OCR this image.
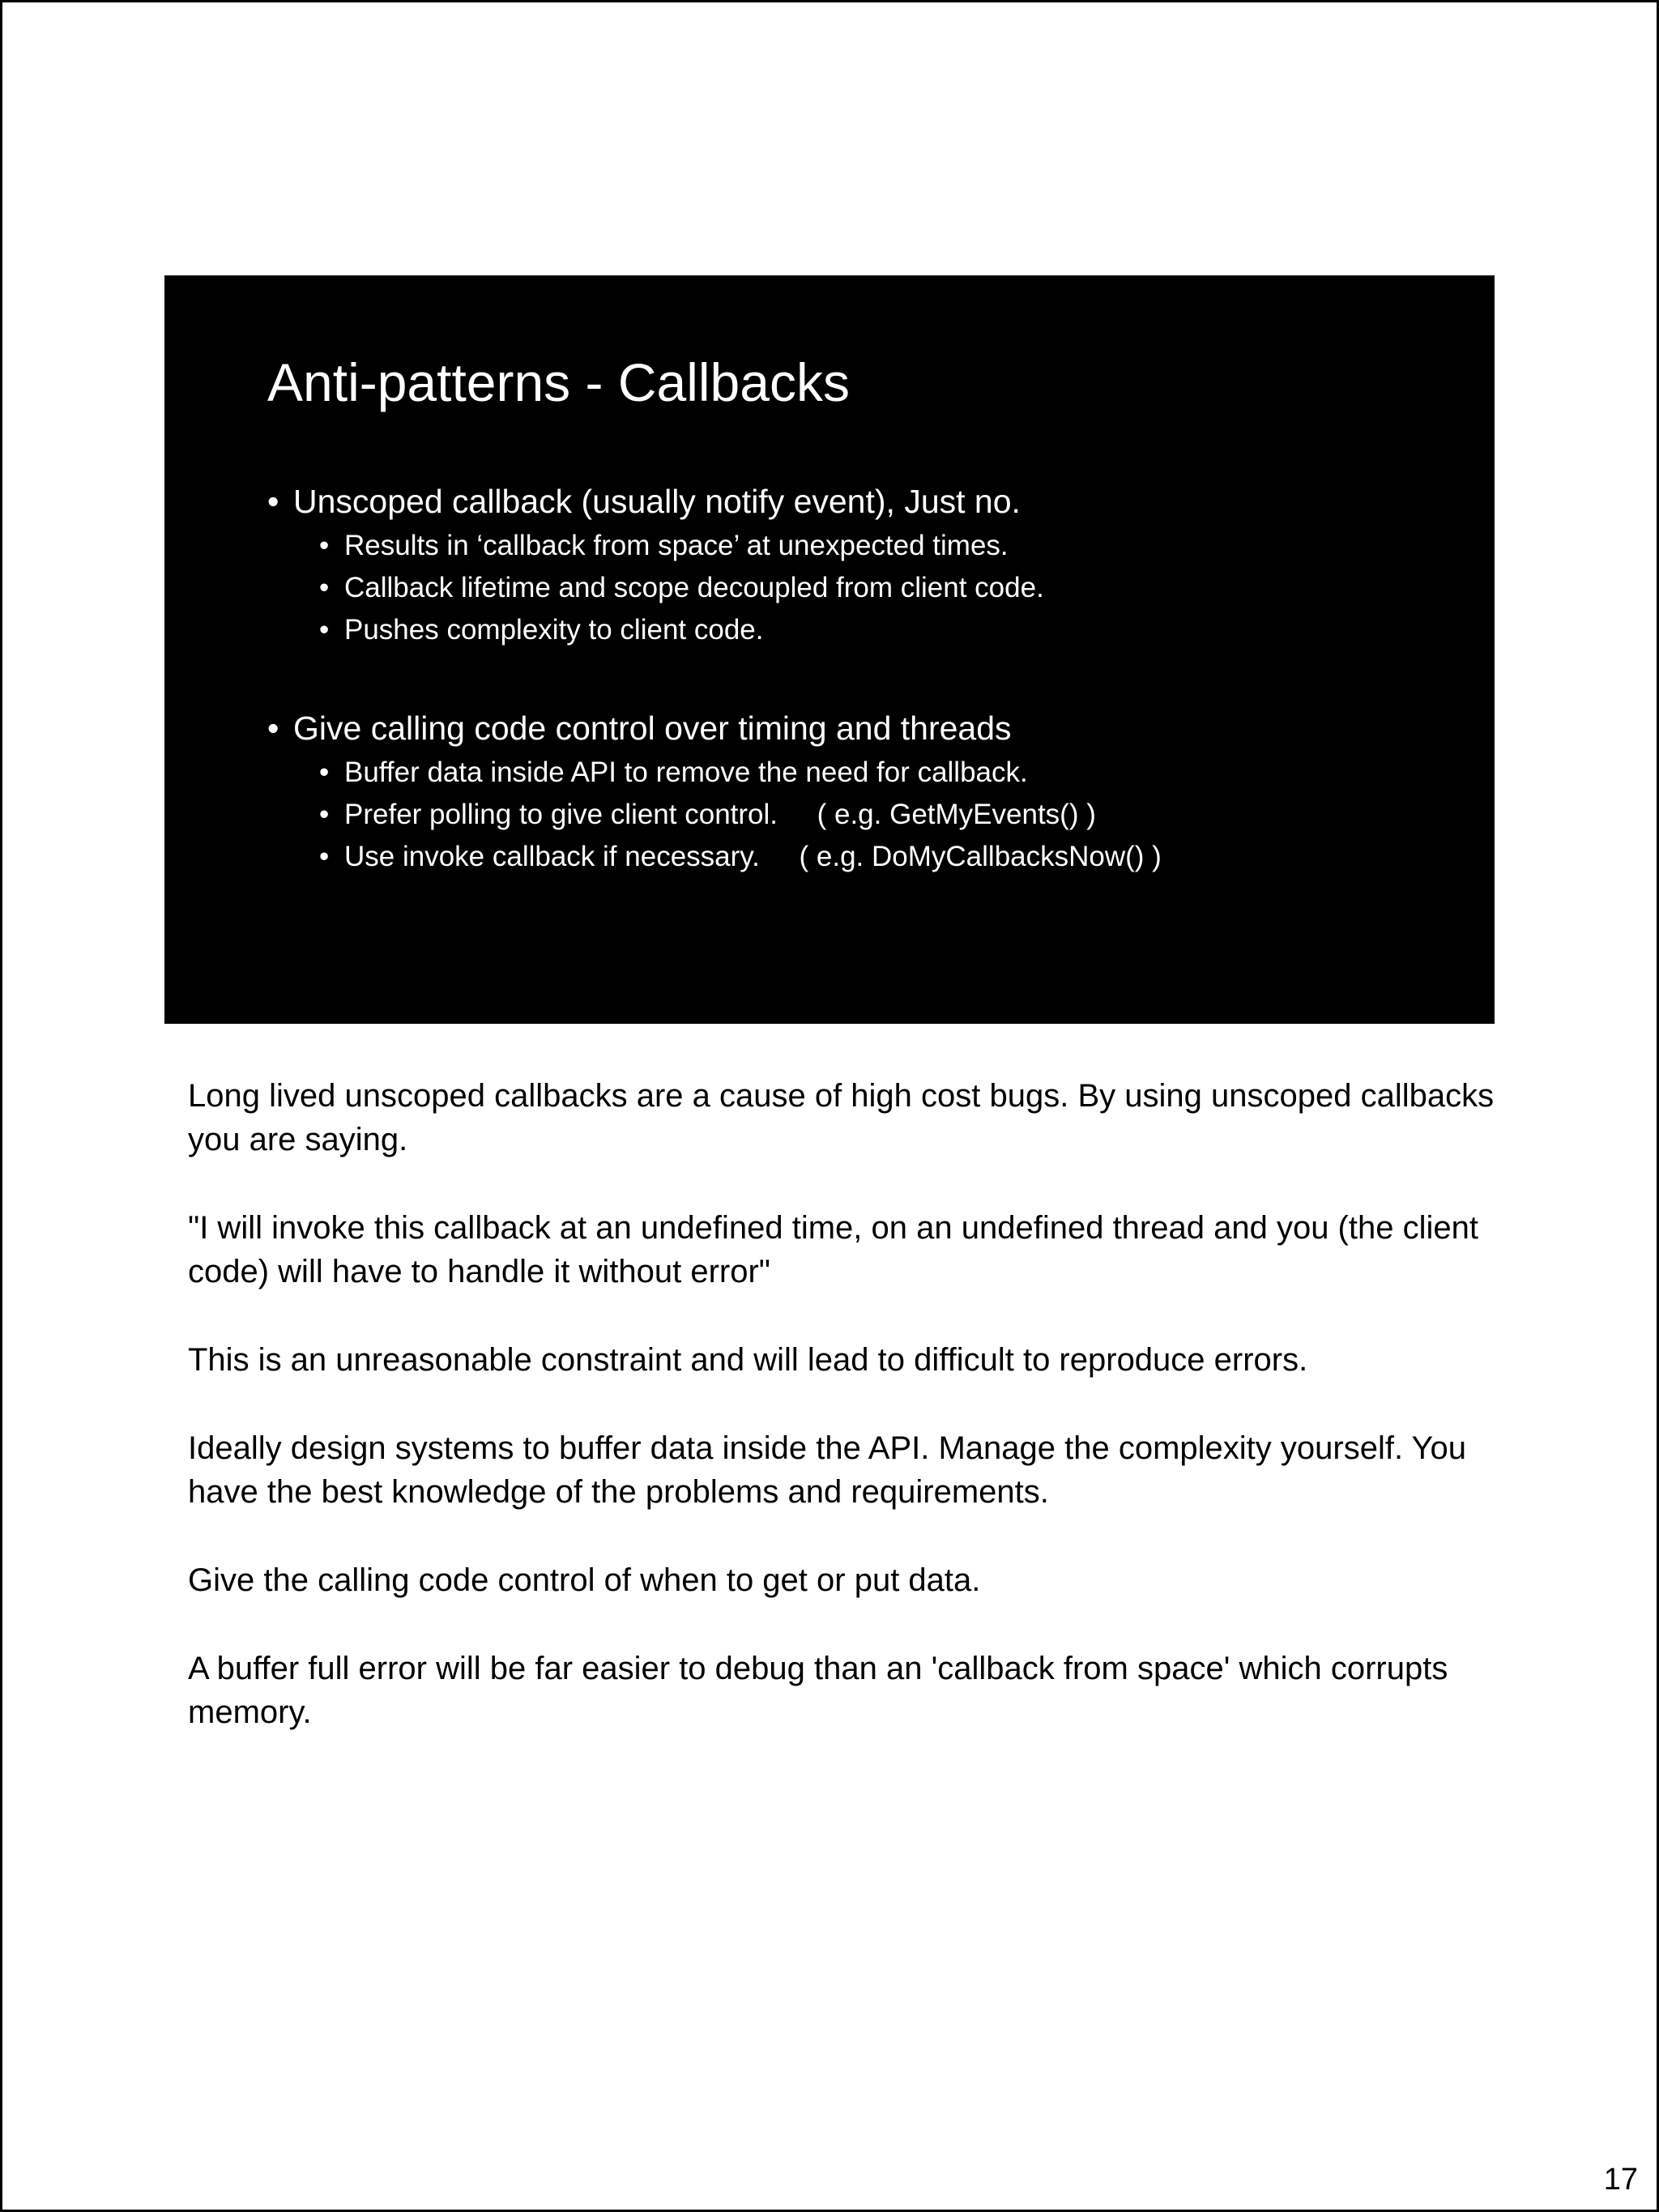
Anti-patterns - Callbacks
• Unscoped callback (usually notify event), Just no.
• Results in ‘callback from space’ at unexpected times.
• Callback lifetime and scope decoupled from client code.
• Pushes complexity to client code.
• Give calling code control over timing and threads
• Buffer data inside API to remove the need for callback.
• Prefer polling to give client control.     ( e.g. GetMyEvents() )
• Use invoke callback if necessary.     ( e.g. DoMyCallbacksNow() )

Long lived unscoped callbacks are a cause of high cost bugs. By using unscoped callbacks you are saying.

"I will invoke this callback at an undefined time, on an undefined thread and you (the client code) will have to handle it without error"

This is an unreasonable constraint and will lead to difficult to reproduce errors.

Ideally design systems to buffer data inside the API. Manage the complexity yourself. You have the best knowledge of the problems and requirements.

Give the calling code control of when to get or put data.

A buffer full error will be far easier to debug than an 'callback from space' which corrupts memory.

17
